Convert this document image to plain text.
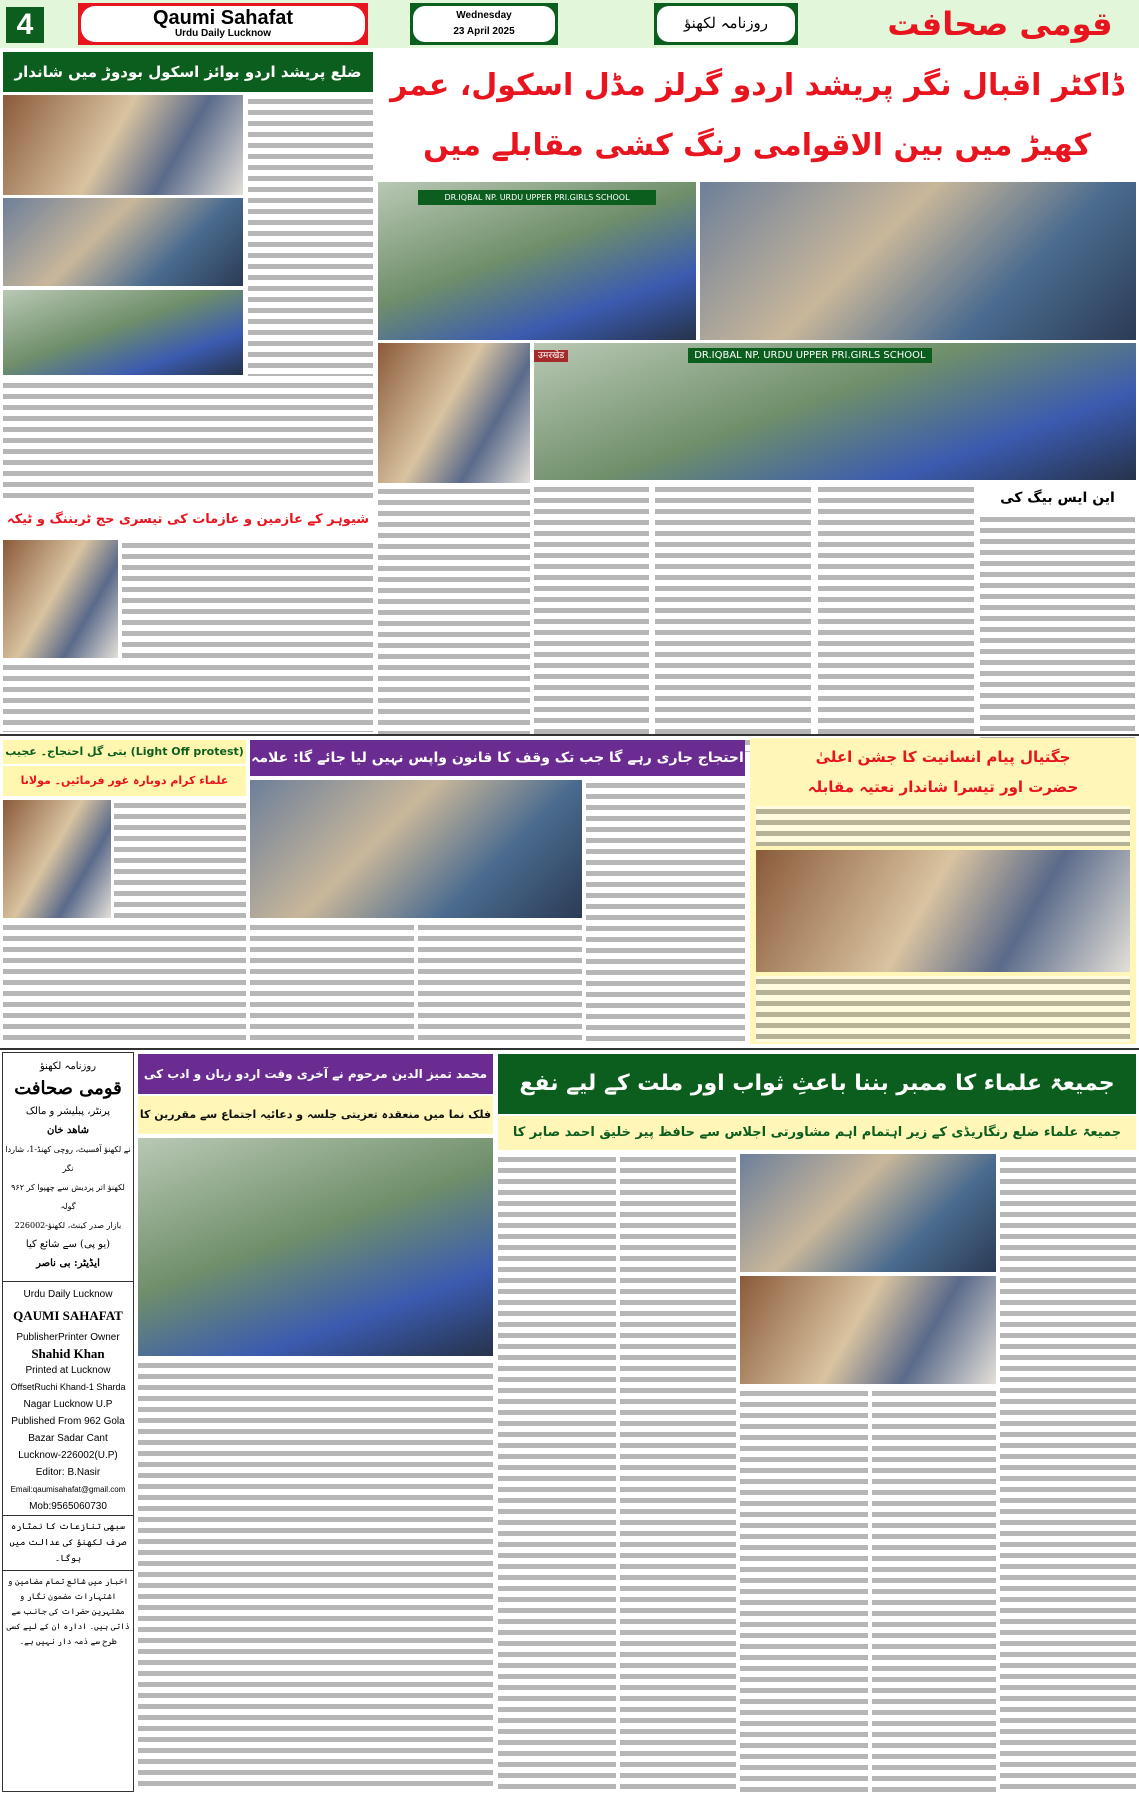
4	Qaumi Sahafat
Urdu Daily Lucknow
Wednesday
23 April 2025	روزنامہ لکھنؤ	قومی صحافت
ضلع پریشد اردو بوائز اسکول بودوڑ میں شاندار	ڈاکٹر اقبال نگر پریشد اردو گرلز مڈل اسکول، عمر کھیڑ میں بین الاقوامی رنگ کشی مقابلے میں
DR.IQBAL NP. URDU UPPER PRI.GIRLS SCHOOL
उमरखेड	DR.IQBAL NP. URDU UPPER PRI.GIRLS SCHOOL
این ایس بیگ کی
شیوہر کے عازمین و عازمات کی تیسری حج ٹریننگ و ٹیکہ
(Light Off protest) بتی گل احتجاج۔ عجیب
علماء کرام دوبارہ غور فرمائیں۔ مولانا
احتجاج جاری رہے گا جب تک وقف کا قانون واپس نہیں لیا جائے گا: علامہ	جگتیال پیام انسانیت کا جشن اعلیٰ
حضرت اور تیسرا شاندار نعتیہ مقابلہ
روزنامہ لکھنؤ
قومی صحافت
پرنٹر، پبلیشر و مالک
شاھد خان
نے لکھنؤ آفسیٹ، روچی کھنڈ-1، شاردا نگر
لکھنؤ اتر پردیش سے چھپوا کر ۹۶۲ گولہ
بازار صدر کینٹ، لکھنؤ-226002
(یو پی) سے شائع کیا
ایڈیٹر: بی ناصر
Urdu Daily Lucknow
QAUMI SAHAFAT
PublisherPrinter Owner
Shahid Khan
Printed at Lucknow
OffsetRuchi Khand-1 Sharda
Nagar Lucknow U.P
Published From 962 Gola
Bazar Sadar Cant
Lucknow-226002(U.P)
Editor: B.Nasir
Email:qaumisahafat@gmail.com
Mob:9565060730
سبھی تنازعات کا نمٹارہ صرف لکھنؤ کی عدالت میں ہوگا۔
اخبار میں شائع تمام مضامین و اشتہارات مضمون نگار و مشتہرین حضرات کی جانب سے ذاتی ہیں۔ ادارہ ان کے لیے کسی طرح سے ذمہ دار نہیں ہے۔
محمد تمیز الدین مرحوم نے آخری وقت اردو زبان و ادب کی
فلک نما میں منعقدہ تعزیتی جلسہ و دعائیہ اجتماع سے مقررین کا
جمیعۃ علماء کا ممبر بننا باعثِ ثواب اور ملت کے لیے نفع
جمیعۃ علماء ضلع رنگاریڈی کے زیر اہتمام اہم مشاورتی اجلاس سے حافظ پیر خلیق احمد صابر کا
